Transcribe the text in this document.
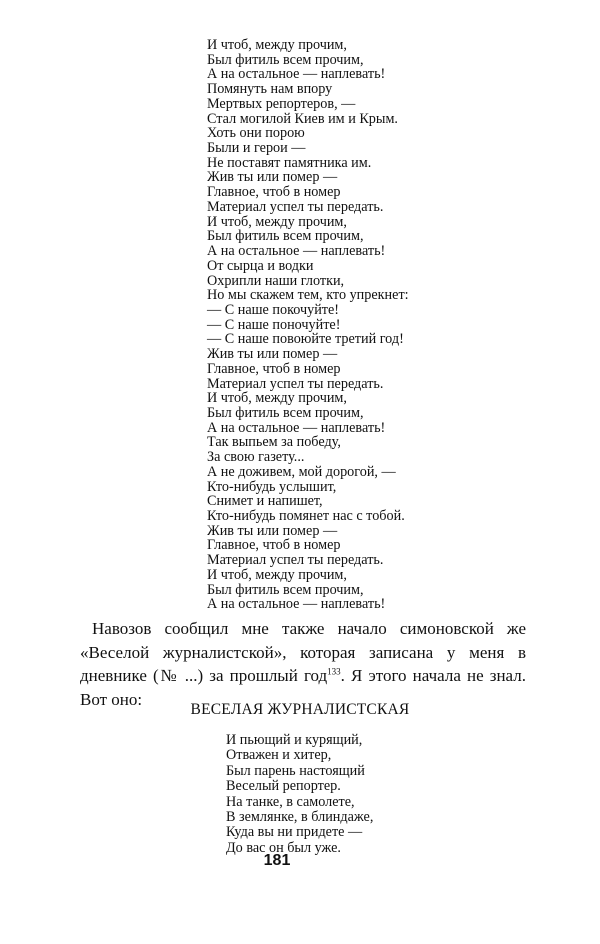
И чтоб, между прочим,
Был фитиль всем прочим,
А на остальное — наплевать!
Помянуть нам впору
Мертвых репортеров, —
Стал могилой Киев им и Крым.
Хоть они порою
Были и герои —
Не поставят памятника им.
Жив ты или помер —
Главное, чтоб в номер
Материал успел ты передать.
И чтоб, между прочим,
Был фитиль всем прочим,
А на остальное — наплевать!
От сырца и водки
Охрипли наши глотки,
Но мы скажем тем, кто упрекнет:
— С наше покочуйте!
— С наше поночуйте!
— С наше повоюйте третий год!
Жив ты или помер —
Главное, чтоб в номер
Материал успел ты передать.
И чтоб, между прочим,
Был фитиль всем прочим,
А на остальное — наплевать!
Так выпьем за победу,
За свою газету...
А не доживем, мой дорогой, —
Кто-нибудь услышит,
Снимет и напишет,
Кто-нибудь помянет нас с тобой.
Жив ты или помер —
Главное, чтоб в номер
Материал успел ты передать.
И чтоб, между прочим,
Был фитиль всем прочим,
А на остальное — наплевать!

Навозов сообщил мне также начало симоновской же «Веселой журналистской», которая записана у меня в дневнике (№ ...) за прошлый год$^{133}$. Я этого начала не знал. Вот оно:

ВЕСЕЛАЯ ЖУРНАЛИСТСКАЯ
И пьющий и курящий,
Отважен и хитер,
Был парень настоящий
Веселый репортер.
На танке, в самолете,
В землянке, в блиндаже,
Куда вы ни придете —
До вас он был уже.
181
